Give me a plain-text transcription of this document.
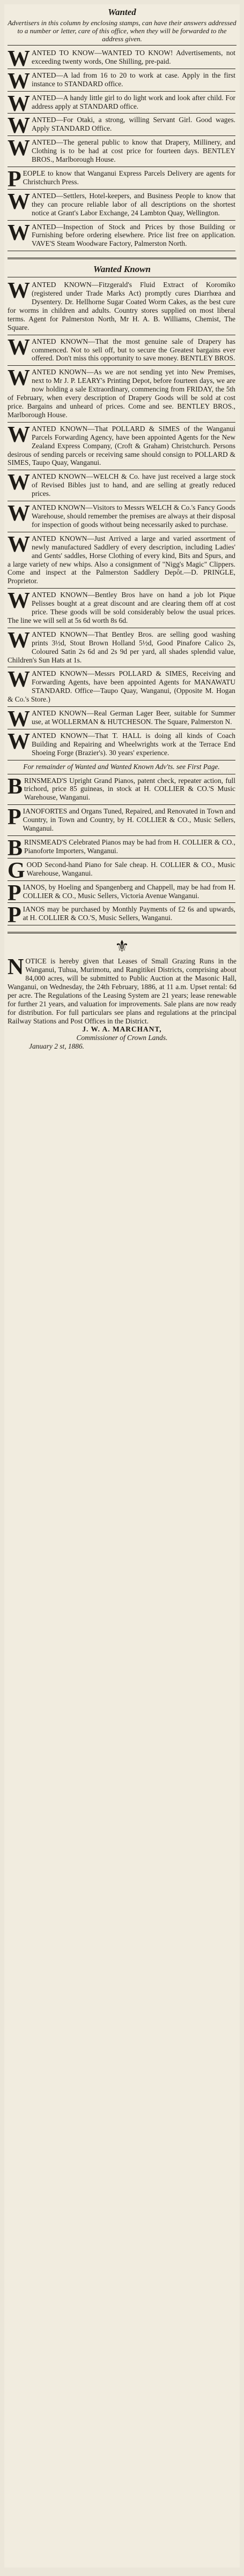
Wanted
Advertisers in this column by enclosing stamps, can have their answers addressed to a number or letter, care of this office, when they will be forwarded to the address given.
WANTED TO KNOW—WANTED TO KNOW! Advertisements, not exceeding twenty words, One Shilling, pre-paid.
WANTED—A lad from 16 to 20 to work at case. Apply in the first instance to STANDARD office.
WANTED—A handy little girl to do light work and look after child. For address apply at STANDARD office.
WANTED—For Otaki, a strong, willing Servant Girl. Good wages. Apply STANDARD Office.
WANTED—The general public to know that Drapery, Millinery, and Clothing is to be had at cost price for fourteen days. BENTLEY BROS., Marlborough House.
PEOPLE to know that Wanganui Express Parcels Delivery are agents for Christchurch Press.
WANTED—Settlers, Hotel-keepers, and Business People to know that they can procure reliable labor of all descriptions on the shortest notice at Grant's Labor Exchange, 24 Lambton Quay, Wellington.
WANTED—Inspection of Stock and Prices by those Building or Furnishing before ordering elsewhere. Price list free on application. VAVE'S Steam Woodware Factory, Palmerston North.
Wanted Known
WANTED KNOWN—Fitzgerald's Fluid Extract of Koromiko (registered under Trade Marks Act) promptly cures Diarrhœa and Dysentery. Dr. Hellhorne Sugar Coated Worm Cakes, as the best cure for worms in children and adults. Country stores supplied on most liberal terms. Agent for Palmerston North, Mr H. A. B. Williams, Chemist, The Square.
WANTED KNOWN—That the most genuine sale of Drapery has commenced. Not to sell off, but to secure the Greatest bargains ever offered. Don't miss this opportunity to save money. BENTLEY BROS.
WANTED KNOWN—As we are not sending yet into New Premises, next to Mr J. P. LEARY's Printing Depot, before fourteen days, we are now holding a sale Extraordinary, commencing from FRIDAY, the 5th of February, when every description of Drapery Goods will be sold at cost price. Bargains and unheard of prices. Come and see. BENTLEY BROS., Marlborough House.
WANTED KNOWN—That POLLARD & SIMES of the Wanganui Parcels Forwarding Agency, have been appointed Agents for the New Zealand Express Company, (Croft & Graham) Christchurch. Persons desirous of sending parcels or receiving same should consign to POLLARD & SIMES, Taupo Quay, Wanganui.
WANTED KNOWN—WELCH & Co. have just received a large stock of Revised Bibles just to hand, and are selling at greatly reduced prices.
WANTED KNOWN—Visitors to Messrs WELCH & Co.'s Fancy Goods Warehouse, should remember the premises are always at their disposal for inspection of goods without being necessarily asked to purchase.
WANTED KNOWN—Just Arrived a large and varied assortment of newly manufactured Saddlery of every description, including Ladies' and Gents' saddles, Horse Clothing of every kind, Bits and Spurs, and a large variety of new whips. Also a consignment of "Nigg's Magic" Clippers. Come and inspect at the Palmerston Saddlery Depôt.—D. PRINGLE, Proprietor.
WANTED KNOWN—Bentley Bros have on hand a job lot Pique Pelisses bought at a great discount and are clearing them off at cost price. These goods will be sold considerably below the usual prices. The line we will sell at 5s 6d worth 8s 6d.
WANTED KNOWN—That Bentley Bros. are selling good washing prints 3½d, Stout Brown Holland 5½d, Good Pinafore Calico 2s, Coloured Satin 2s 6d and 2s 9d per yard, all shades splendid value, Children's Sun Hats at 1s.
WANTED KNOWN—Messrs POLLARD & SIMES, Receiving and Forwarding Agents, have been appointed Agents for MANAWATU STANDARD. Office—Taupo Quay, Wanganui, (Opposite M. Hogan & Co.'s Store.)
WANTED KNOWN—Real German Lager Beer, suitable for Summer use, at WOLLERMAN & HUTCHESON. The Square, Palmerston N.
WANTED KNOWN—That T. HALL is doing all kinds of Coach Building and Repairing and Wheelwrights work at the Terrace End Shoeing Forge (Brazier's). 30 years' experience.
For remainder of Wanted and Wanted Known Adv'ts. see First Page.
BRINSMEAD'S Upright Grand Pianos, patent check, repeater action, full trichord, price 85 guineas, in stock at H. COLLIER & CO.'S Music Warehouse, Wanganui.
PIANOFORTES and Organs Tuned, Repaired, and Renovated in Town and Country, in Town and Country, by H. COLLIER & CO., Music Sellers, Wanganui.
BRINSMEAD'S Celebrated Pianos may be had from H. COLLIER & CO., Pianoforte Importers, Wanganui.
GOOD Second-hand Piano for Sale cheap. H. COLLIER & CO., Music Warehouse, Wanganui.
PIANOS, by Hoeling and Spangenberg and Chappell, may be had from H. COLLIER & CO., Music Sellers, Victoria Avenue Wanganui.
PIANOS may be purchased by Monthly Payments of £2 6s and upwards, at H. COLLIER & CO.'S, Music Sellers, Wanganui.
⚜
N OTICE is hereby given that Leases of Small Grazing Runs in the Wanganui, Tuhua, Murimotu, and Rangitikei Districts, comprising about 84,000 acres, will be submitted to Public Auction at the Masonic Hall, Wanganui, on Wednesday, the 24th February, 1886, at 11 a.m. Upset rental: 6d per acre. The Regulations of the Leasing System are 21 years; lease renewable for further 21 years, and valuation for improvements. Sale plans are now ready for distribution. For full particulars see plans and regulations at the principal Railway Stations and Post Offices in the District.
J. W. A. MARCHANT,
Commissioner of Crown Lands.
January 2 st, 1886.
